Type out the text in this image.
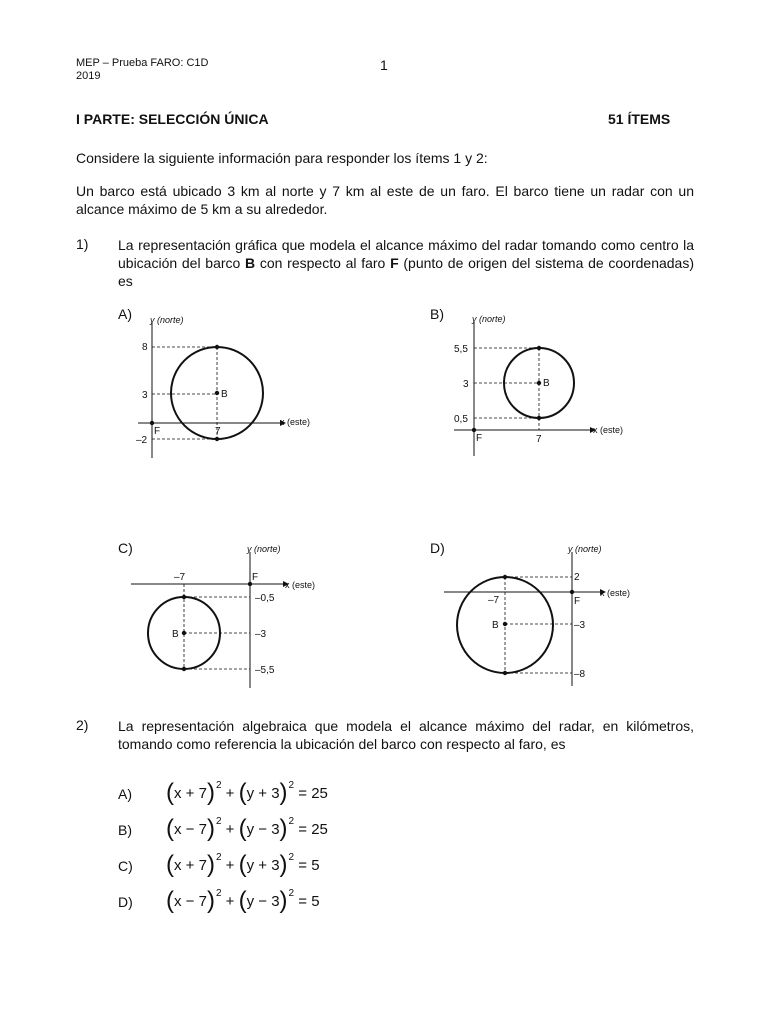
MEP – Prueba FARO: C1D
2019
1
I PARTE: SELECCIÓN ÚNICA	51 ÍTEMS
Considere la siguiente información para responder los ítems 1 y 2:
Un barco está ubicado 3 km al norte y 7 km al este de un faro. El barco tiene un radar con un alcance máximo de 5 km a su alrededor.
1) La representación gráfica que modela el alcance máximo del radar tomando como centro la ubicación del barco B con respecto al faro F (punto de origen del sistema de coordenadas) es
A)	B)
C)	D)
y (norte)
x (este)
8
3
–2
7
B
F
y (norte)
x (este)
5,5
3
0,5
7
B
F
y (norte)
x (este)
–7
–0,5
–3
–5,5
B
F
y (norte)
x (este)
2
–7
–3
–8
B
F
2) La representación algebraica que modela el alcance máximo del radar, en kilómetros, tomando como referencia la ubicación del barco con respecto al faro, es
A)	$(x + 7)^2 + (y + 3)^2 = 25$
B)	$(x - 7)^2 + (y - 3)^2 = 25$
C)	$(x + 7)^2 + (y + 3)^2 = 5$
D)	$(x - 7)^2 + (y - 3)^2 = 5$
